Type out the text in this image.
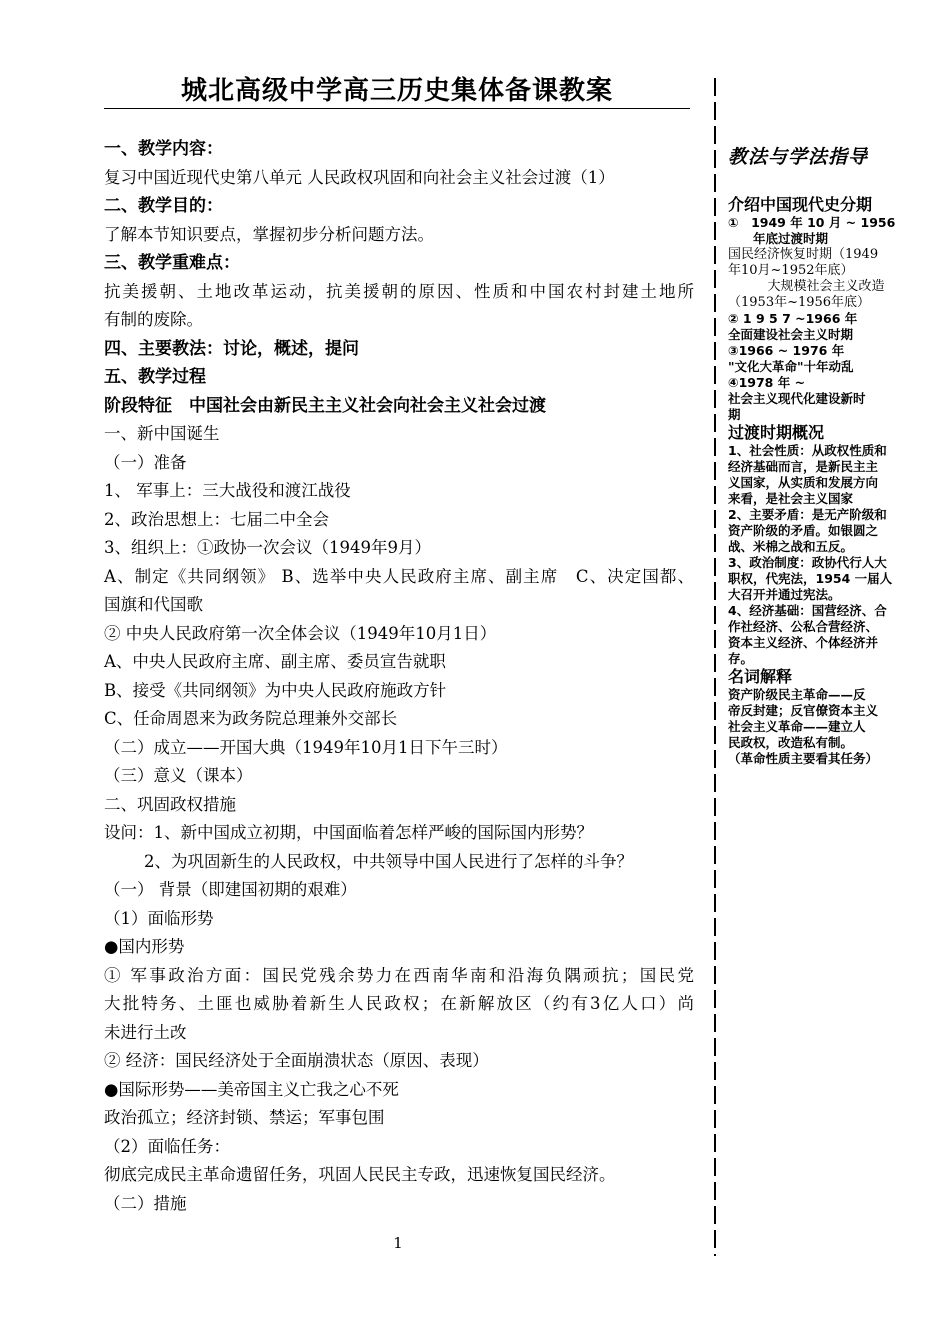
城北高级中学高三历史集体备课教案
一、教学内容：
复习中国近现代史第八单元 人民政权巩固和向社会主义社会过渡（1）
二、教学目的：
了解本节知识要点，掌握初步分析问题方法。
三、教学重难点：
抗美援朝、土地改革运动，抗美援朝的原因、性质和中国农村封建土地所
有制的废除。
四、主要教法：讨论，概述，提问
五、教学过程
阶段特征　中国社会由新民主主义社会向社会主义社会过渡
一、新中国诞生
（一）准备
1、 军事上：三大战役和渡江战役
2、政治思想上：七届二中全会
3、组织上：①政协一次会议（1949年9月）
A、制定《共同纲领》 B、选举中央人民政府主席、副主席　C、决定国都、
国旗和代国歌
② 中央人民政府第一次全体会议（1949年10月1日）
A、中央人民政府主席、副主席、委员宣告就职
B、接受《共同纲领》为中央人民政府施政方针
C、任命周恩来为政务院总理兼外交部长
（二）成立——开国大典（1949年10月1日下午三时）
（三）意义（课本）
二、巩固政权措施
设问：1、新中国成立初期，中国面临着怎样严峻的国际国内形势？
2、为巩固新生的人民政权，中共领导中国人民进行了怎样的斗争？
（一） 背景（即建国初期的艰难）
（1）面临形势
●国内形势
① 军事政治方面：国民党残余势力在西南华南和沿海负隅顽抗；国民党
大批特务、土匪也威胁着新生人民政权；在新解放区（约有3亿人口）尚
未进行土改
② 经济：国民经济处于全面崩溃状态（原因、表现）
●国际形势——美帝国主义亡我之心不死
政治孤立；经济封锁、禁运；军事包围
（2）面临任务：
彻底完成民主革命遗留任务，巩固人民民主专政，迅速恢复国民经济。
（二）措施
教法与学法指导
介绍中国现代史分期
①　1949 年 10 月 ~ 1956
　　年底过渡时期
国民经济恢复时期（1949
年10月~1952年底）
大规模社会主义改造
（1953年~1956年底）
② 1 9 5 7 ~1966 年
全面建设社会主义时期
③1966 ~ 1976 年
"文化大革命"十年动乱
④1978 年 ~
社会主义现代化建设新时
期
过渡时期概况
1、社会性质：从政权性质和
经济基础而言，是新民主主
义国家，从实质和发展方向
来看，是社会主义国家
2、主要矛盾：是无产阶级和
资产阶级的矛盾。如银圆之
战、米棉之战和五反。
3、政治制度：政协代行人大
职权，代宪法，1954 一届人
大召开并通过宪法。
4、经济基础：国营经济、合
作社经济、公私合营经济、
资本主义经济、个体经济并
存。
名词解释
资产阶级民主革命——反
帝反封建；反官僚资本主义
社会主义革命——建立人
民政权，改造私有制。
（革命性质主要看其任务）
1
